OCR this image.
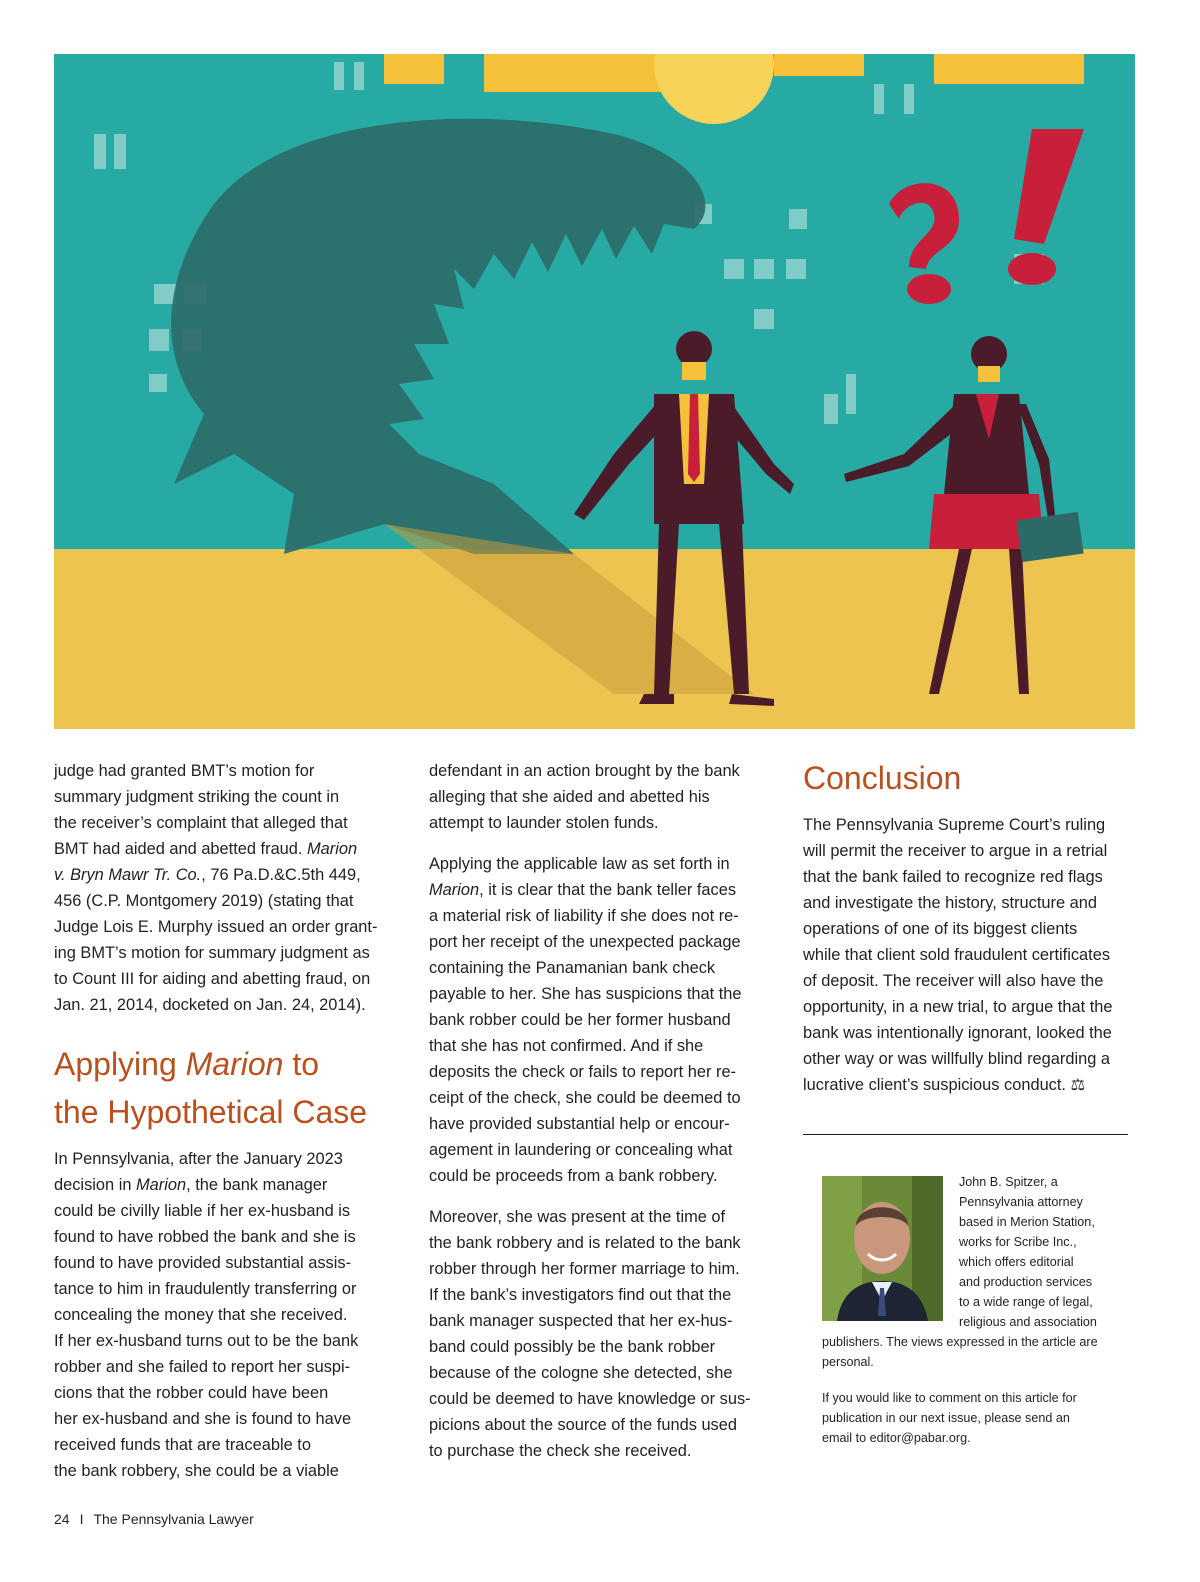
judge had granted BMT’s motion for
summary judgment striking the count in
the receiver’s complaint that alleged that
BMT had aided and abetted fraud. Marion
v. Bryn Mawr Tr. Co., 76 Pa.D.&C.5th 449,
456 (C.P. Montgomery 2019) (stating that
Judge Lois E. Murphy issued an order grant-
ing BMT’s motion for summary judgment as
to Count III for aiding and abetting fraud, on
Jan. 21, 2014, docketed on Jan. 24, 2014).

Applying Marion to
the Hypothetical Case

In Pennsylvania, after the January 2023
decision in Marion, the bank manager
could be civilly liable if her ex-husband is
found to have robbed the bank and she is
found to have provided substantial assis-
tance to him in fraudulently transferring or
concealing the money that she received.
If her ex-husband turns out to be the bank
robber and she failed to report her suspi-
cions that the robber could have been
her ex-husband and she is found to have
received funds that are traceable to
the bank robbery, she could be a viable

defendant in an action brought by the bank
alleging that she aided and abetted his
attempt to launder stolen funds.

Applying the applicable law as set forth in
Marion, it is clear that the bank teller faces
a material risk of liability if she does not re-
port her receipt of the unexpected package
containing the Panamanian bank check
payable to her. She has suspicions that the
bank robber could be her former husband
that she has not confirmed. And if she
deposits the check or fails to report her re-
ceipt of the check, she could be deemed to
have provided substantial help or encour-
agement in laundering or concealing what
could be proceeds from a bank robbery.

Moreover, she was present at the time of
the bank robbery and is related to the bank
robber through her former marriage to him.
If the bank’s investigators find out that the
bank manager suspected that her ex-hus-
band could possibly be the bank robber
because of the cologne she detected, she
could be deemed to have knowledge or sus-
picions about the source of the funds used
to purchase the check she received.

Conclusion

The Pennsylvania Supreme Court’s ruling
will permit the receiver to argue in a retrial
that the bank failed to recognize red flags
and investigate the history, structure and
operations of one of its biggest clients
while that client sold fraudulent certificates
of deposit. The receiver will also have the
opportunity, in a new trial, to argue that the
bank was intentionally ignorant, looked the
other way or was willfully blind regarding a
lucrative client’s suspicious conduct. ⚖

John B. Spitzer, a
Pennsylvania attorney
based in Merion Station,
works for Scribe Inc.,
which offers editorial
and production services
to a wide range of legal,
religious and association
publishers. The views expressed in the article are
personal.

If you would like to comment on this article for
publication in our next issue, please send an
email to editor@pabar.org.

24 I The Pennsylvania Lawyer
